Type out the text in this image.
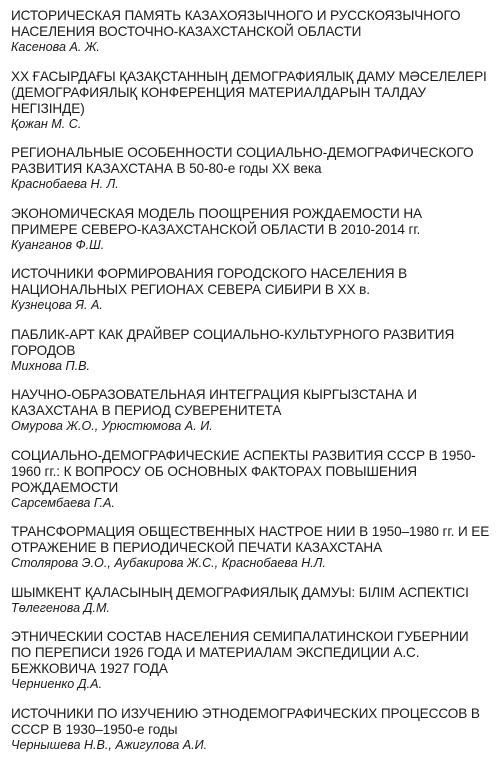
ИСТОРИЧЕСКАЯ ПАМЯТЬ КАЗАХОЯЗЫЧНОГО И РУССКОЯЗЫЧНОГО НАСЕЛЕНИЯ ВОСТОЧНО-КАЗАХСТАНСКОЙ ОБЛАСТИ
Касенова А. Ж.
ХХ ҒАСЫРДАҒЫ ҚАЗАҚСТАННЫҢ ДЕМОГРАФИЯЛЫҚ ДАМУ МӘСЕЛЕЛЕРІ (ДЕМОГРАФИЯЛЫҚ КОНФЕРЕНЦИЯ МАТЕРИАЛДАРЫН ТАЛДАУ НЕГІЗІНДЕ)
Қожан М. С.
РЕГИОНАЛЬНЫЕ ОСОБЕННОСТИ СОЦИАЛЬНО-ДЕМОГРАФИЧЕСКОГО РАЗВИТИЯ КАЗАХСТАНА В 50-80-е годы ХХ века
Краснобаева Н. Л.
ЭКОНОМИЧЕСКАЯ МОДЕЛЬ ПООЩРЕНИЯ РОЖДАЕМОСТИ НА ПРИМЕРЕ СЕВЕРО-КАЗАХСТАНСКОЙ ОБЛАСТИ В 2010-2014 гг.
Куанганов Ф.Ш.
ИСТОЧНИКИ ФОРМИРОВАНИЯ ГОРОДСКОГО НАСЕЛЕНИЯ В НАЦИОНАЛЬНЫХ РЕГИОНАХ СЕВЕРА СИБИРИ В ХХ в.
Кузнецова Я. А.
ПАБЛИК-АРТ КАК ДРАЙВЕР СОЦИАЛЬНО-КУЛЬТУРНОГО РАЗВИТИЯ ГОРОДОВ
Михнова П.В.
НАУЧНО-ОБРАЗОВАТЕЛЬНАЯ ИНТЕГРАЦИЯ КЫРГЫЗСТАНА И КАЗАХСТАНА В ПЕРИОД СУВЕРЕНИТЕТА
Омурова Ж.О., Урюстюмова А. И.
СОЦИАЛЬНО-ДЕМОГРАФИЧЕСКИЕ АСПЕКТЫ РАЗВИТИЯ СССР В 1950-1960 гг.: К ВОПРОСУ ОБ ОСНОВНЫХ ФАКТОРАХ ПОВЫШЕНИЯ РОЖДАЕМОСТИ
Сарсембаева Г.А.
ТРАНСФОРМАЦИЯ ОБЩЕСТВЕННЫХ НАСТРОЕ НИИ В 1950–1980 гг. И ЕЕ ОТРАЖЕНИЕ В ПЕРИОДИЧЕСКОЙ ПЕЧАТИ КАЗАХСТАНА
Столярова Э.О., Аубакирова Ж.С., Краснобаева Н.Л.
ШЫМКЕНТ ҚАЛАСЫНЫҢ ДЕМОГРАФИЯЛЫҚ ДАМУЫ: БІЛІМ АСПЕКТІСІ
Төлегенова Д.М.
ЭТНИЧЕСКИИ СОСТАВ НАСЕЛЕНИЯ СЕМИПАЛАТИНСКОИ ГУБЕРНИИ ПО ПЕРЕПИСИ 1926 ГОДА И МАТЕРИАЛАМ ЭКСПЕДИЦИИ А.С. БЕЖКОВИЧА 1927 ГОДА
Черниенко Д.А.
ИСТОЧНИКИ ПО ИЗУЧЕНИЮ ЭТНОДЕМОГРАФИЧЕСКИХ ПРОЦЕССОВ В СССР В 1930–1950-е годы
Чернышева Н.В., Ажигулова А.И.
